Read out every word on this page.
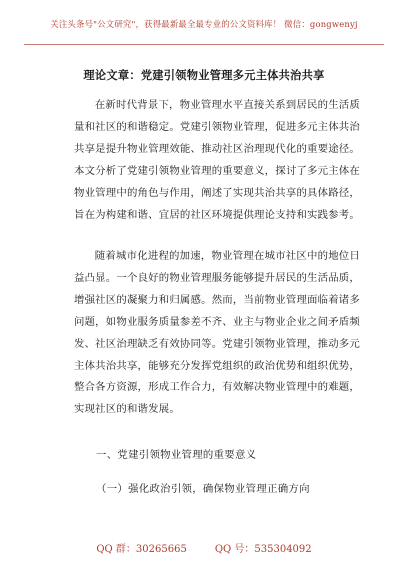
关注头条号"公文研究"，获得最新最全最专业的公文资料库！ 微信：gongwenyj
理论文章：党建引领物业管理多元主体共治共享

在新时代背景下，物业管理水平直接关系到居民的生活质量和社区的和谐稳定。党建引领物业管理，促进多元主体共治共享是提升物业管理效能、推动社区治理现代化的重要途径。本文分析了党建引领物业管理的重要意义，探讨了多元主体在物业管理中的角色与作用，阐述了实现共治共享的具体路径，旨在为构建和谐、宜居的社区环境提供理论支持和实践参考。

随着城市化进程的加速，物业管理在城市社区中的地位日益凸显。一个良好的物业管理服务能够提升居民的生活品质，增强社区的凝聚力和归属感。然而，当前物业管理面临着诸多问题，如物业服务质量参差不齐、业主与物业企业之间矛盾频发、社区治理缺乏有效协同等。党建引领物业管理，推动多元主体共治共享，能够充分发挥党组织的政治优势和组织优势，整合各方资源，形成工作合力，有效解决物业管理中的难题，实现社区的和谐发展。

一、党建引领物业管理的重要意义
（一）强化政治引领，确保物业管理正确方向
QQ 群：30265665	QQ 号：535304092
